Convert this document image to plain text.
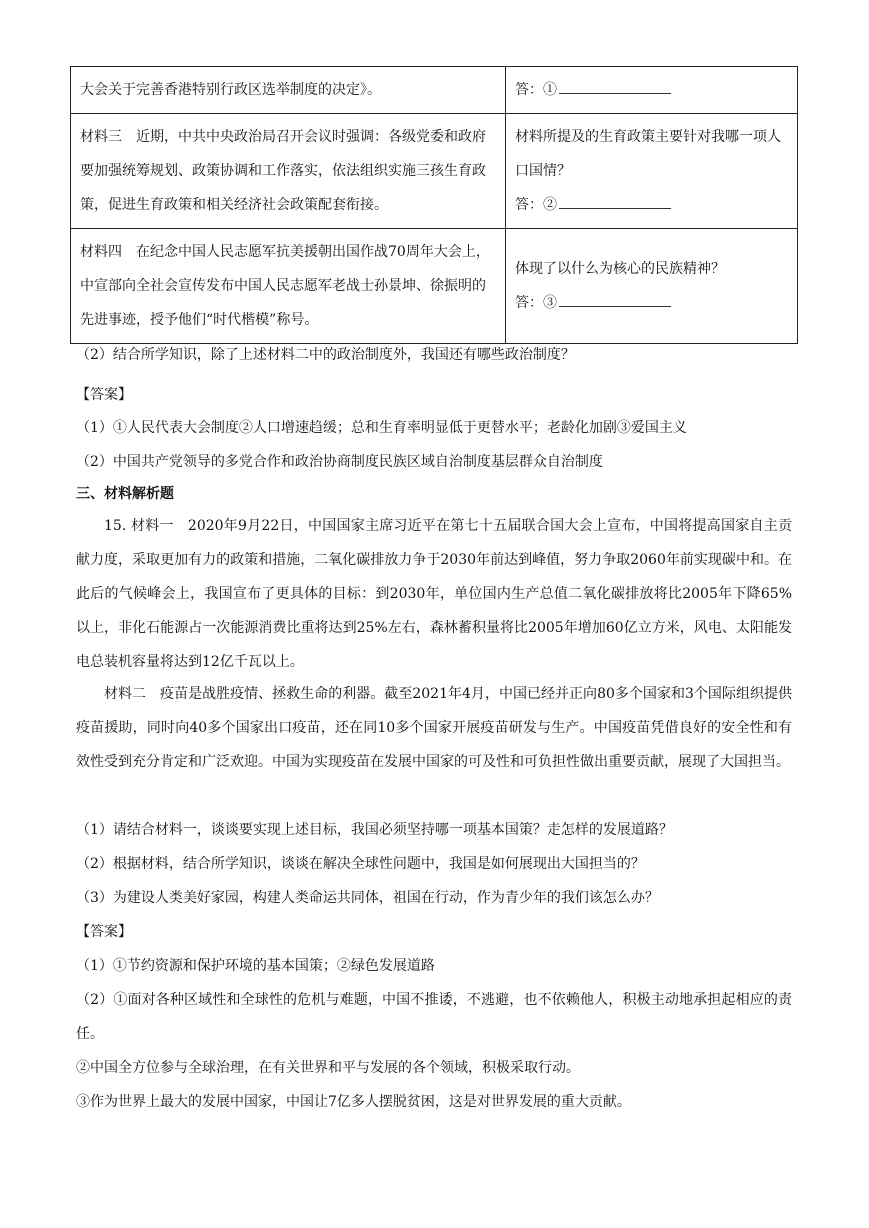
大会关于完善香港特别行政区选举制度的决定》。	答：①
材料三　近期，中共中央政治局召开会议时强调：各级党委和政府要加强统筹规划、政策协调和工作落实，依法组织实施三孩生育政策，促进生育政策和相关经济社会政策配套衔接。	材料所提及的生育政策主要针对我哪一项人口国情？
答：②

材料四　在纪念中国人民志愿军抗美援朝出国作战70周年大会上，中宣部向全社会宣传发布中国人民志愿军老战士孙景坤、徐振明的先进事迹，授予他们“时代楷模”称号。	体现了以什么为核心的民族精神？
答：③
（2）结合所学知识，除了上述材料二中的政治制度外，我国还有哪些政治制度？
【答案】
（1）①人民代表大会制度②人口增速趋缓；总和生育率明显低于更替水平；老龄化加剧③爱国主义
（2）中国共产党领导的多党合作和政治协商制度民族区域自治制度基层群众自治制度
三、材料解析题
15. 材料一　2020年9月22日，中国国家主席习近平在第七十五届联合国大会上宣布，中国将提高国家自主贡献力度，采取更加有力的政策和措施，二氧化碳排放力争于2030年前达到峰值，努力争取2060年前实现碳中和。在此后的气候峰会上，我国宣布了更具体的目标：到2030年，单位国内生产总值二氧化碳排放将比2005年下降65%以上，非化石能源占一次能源消费比重将达到25%左右，森林蓄积量将比2005年增加60亿立方米，风电、太阳能发电总装机容量将达到12亿千瓦以上。
材料二　疫苗是战胜疫情、拯救生命的利器。截至2021年4月，中国已经并正向80多个国家和3个国际组织提供疫苗援助，同时向40多个国家出口疫苗，还在同10多个国家开展疫苗研发与生产。中国疫苗凭借良好的安全性和有效性受到充分肯定和广泛欢迎。中国为实现疫苗在发展中国家的可及性和可负担性做出重要贡献，展现了大国担当。
（1）请结合材料一，谈谈要实现上述目标，我国必须坚持哪一项基本国策？走怎样的发展道路？
（2）根据材料，结合所学知识，谈谈在解决全球性问题中，我国是如何展现出大国担当的？
（3）为建设人类美好家园，构建人类命运共同体，祖国在行动，作为青少年的我们该怎么办？
【答案】
（1）①节约资源和保护环境的基本国策；②绿色发展道路
（2）①面对各种区域性和全球性的危机与难题，中国不推诿，不逃避，也不依赖他人，积极主动地承担起相应的责任。
②中国全方位参与全球治理，在有关世界和平与发展的各个领域，积极采取行动。
③作为世界上最大的发展中国家，中国让7亿多人摆脱贫困，这是对世界发展的重大贡献。
